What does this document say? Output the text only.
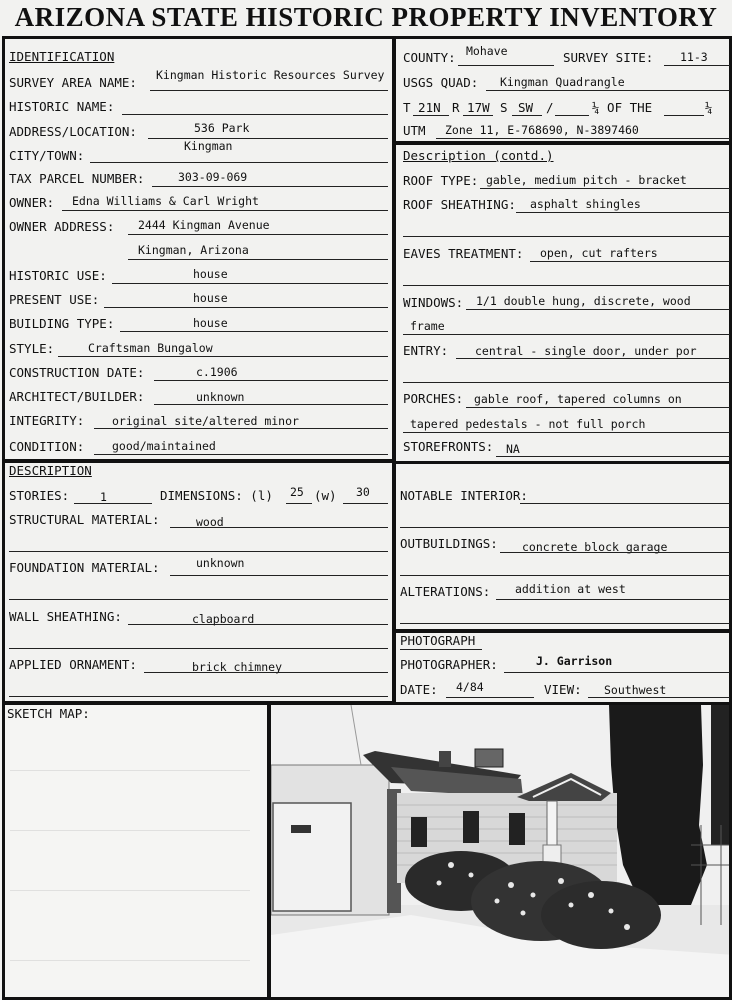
ARIZONA STATE HISTORIC PROPERTY INVENTORY
IDENTIFICATION
SURVEY AREA NAME: Kingman Historic Resources Survey
HISTORIC NAME:
ADDRESS/LOCATION:	536 Park
CITY/TOWN:
Kingman
TAX PARCEL NUMBER:	303-09-069
OWNER: Edna Williams & Carl Wright
OWNER ADDRESS: 2444 Kingman Avenue
Kingman, Arizona
HISTORIC USE:	house
PRESENT USE:	house
BUILDING TYPE:	house
STYLE:	Craftsman Bungalow
CONSTRUCTION DATE:	c.1906
ARCHITECT/BUILDER:	unknown
INTEGRITY: original site/altered minor
CONDITION: good/maintained
COUNTY: Mohave	SURVEY SITE: 11-3
USGS QUAD: Kingman Quadrangle
T 21N R 17W S SW /	¼ OF THE	¼
UTM Zone 11, E-768690, N-3897460
Description (contd.)
ROOF TYPE: gable, medium pitch - bracket
ROOF SHEATHING: asphalt shingles
EAVES TREATMENT: open, cut rafters
WINDOWS: 1/1 double hung, discrete, wood
frame
ENTRY: central - single door, under por
PORCHES: gable roof, tapered columns on
tapered pedestals - not full porch
STOREFRONTS: NA
DESCRIPTION
STORIES:	1	DIMENSIONS: (l) 25 (w) 30
STRUCTURAL MATERIAL:	wood
FOUNDATION MATERIAL:	unknown
WALL SHEATHING:	clapboard
APPLIED ORNAMENT:	brick chimney
NOTABLE INTERIOR:
OUTBUILDINGS: concrete block garage
ALTERATIONS: addition at west
PHOTOGRAPH
PHOTOGRAPHER:	J. Garrison
DATE: 4/84	VIEW: Southwest
SKETCH MAP:
